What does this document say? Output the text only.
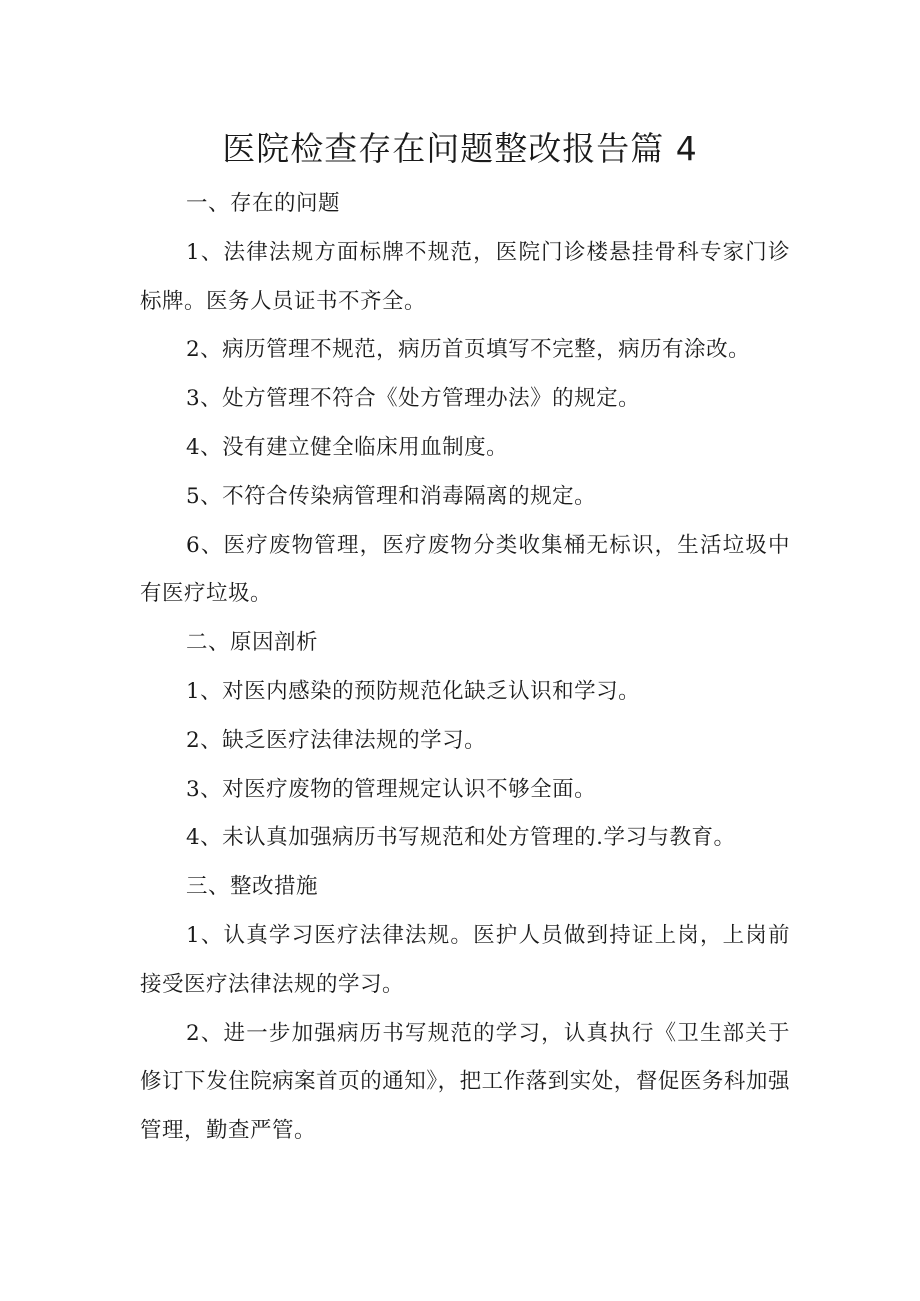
医院检查存在问题整改报告篇 4

一、存在的问题

1、法律法规方面标牌不规范，医院门诊楼悬挂骨科专家门诊标牌。医务人员证书不齐全。

2、病历管理不规范，病历首页填写不完整，病历有涂改。

3、处方管理不符合《处方管理办法》的规定。

4、没有建立健全临床用血制度。

5、不符合传染病管理和消毒隔离的规定。

6、医疗废物管理，医疗废物分类收集桶无标识，生活垃圾中有医疗垃圾。

二、原因剖析

1、对医内感染的预防规范化缺乏认识和学习。

2、缺乏医疗法律法规的学习。

3、对医疗废物的管理规定认识不够全面。

4、未认真加强病历书写规范和处方管理的.学习与教育。

三、整改措施

1、认真学习医疗法律法规。医护人员做到持证上岗，上岗前接受医疗法律法规的学习。

2、进一步加强病历书写规范的学习，认真执行《卫生部关于修订下发住院病案首页的通知》，把工作落到实处，督促医务科加强管理，勤查严管。
